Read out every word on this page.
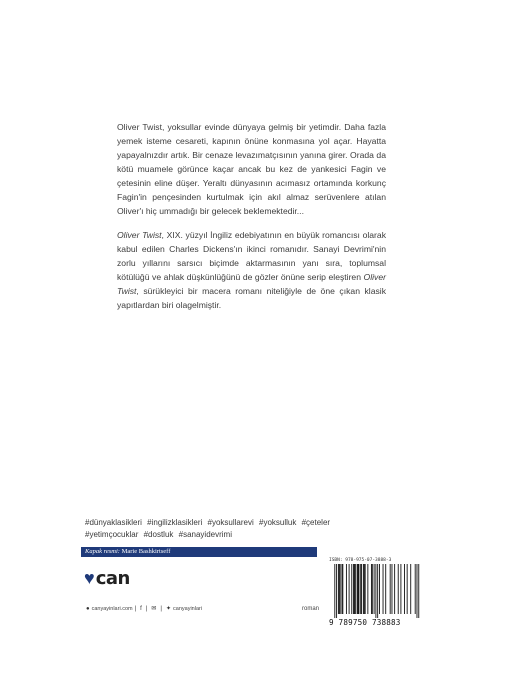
Oliver Twist, yoksullar evinde dünyaya gelmiş bir yetimdir. Daha fazla yemek isteme cesareti, kapının önüne konmasına yol açar. Hayatta yapayalnızdır artık. Bir cenaze levazımatçısının yanına girer. Orada da kötü muamele görünce kaçar ancak bu kez de yankesici Fagin ve çetesinin eline düşer. Yeraltı dünyasının acımasız ortamında korkunç Fagin'in pençesinden kurtulmak için akıl almaz serüvenlere atılan Oliver'ı hiç ummadığı bir gelecek beklemektedir...

Oliver Twist, XIX. yüzyıl İngiliz edebiyatının en büyük romancısı olarak kabul edilen Charles Dickens'ın ikinci romanıdır. Sanayi Devrimi'nin zorlu yıllarını sarsıcı biçimde aktarmasının yanı sıra, toplumsal kötülüğü ve ahlak düşkünlüğünü de gözler önüne serip eleştiren Oliver Twist, sürükleyici bir macera romanı niteliğiyle de öne çıkan klasik yapıtlardan biri olagelmiştir.

#dünyaklasikleri #ingilizklasikleri #yoksullarevi #yoksulluk #çeteler #yetimçocuklar #dostluk #sanayidevrimi
Kapak resmi: Marie Bashkirtseff
♥ can
● canyayinlari.com | f | ✉ | ✦ canyayinlari	roman
ISBN: 978-975-07-3888-3
9 789750 738883
